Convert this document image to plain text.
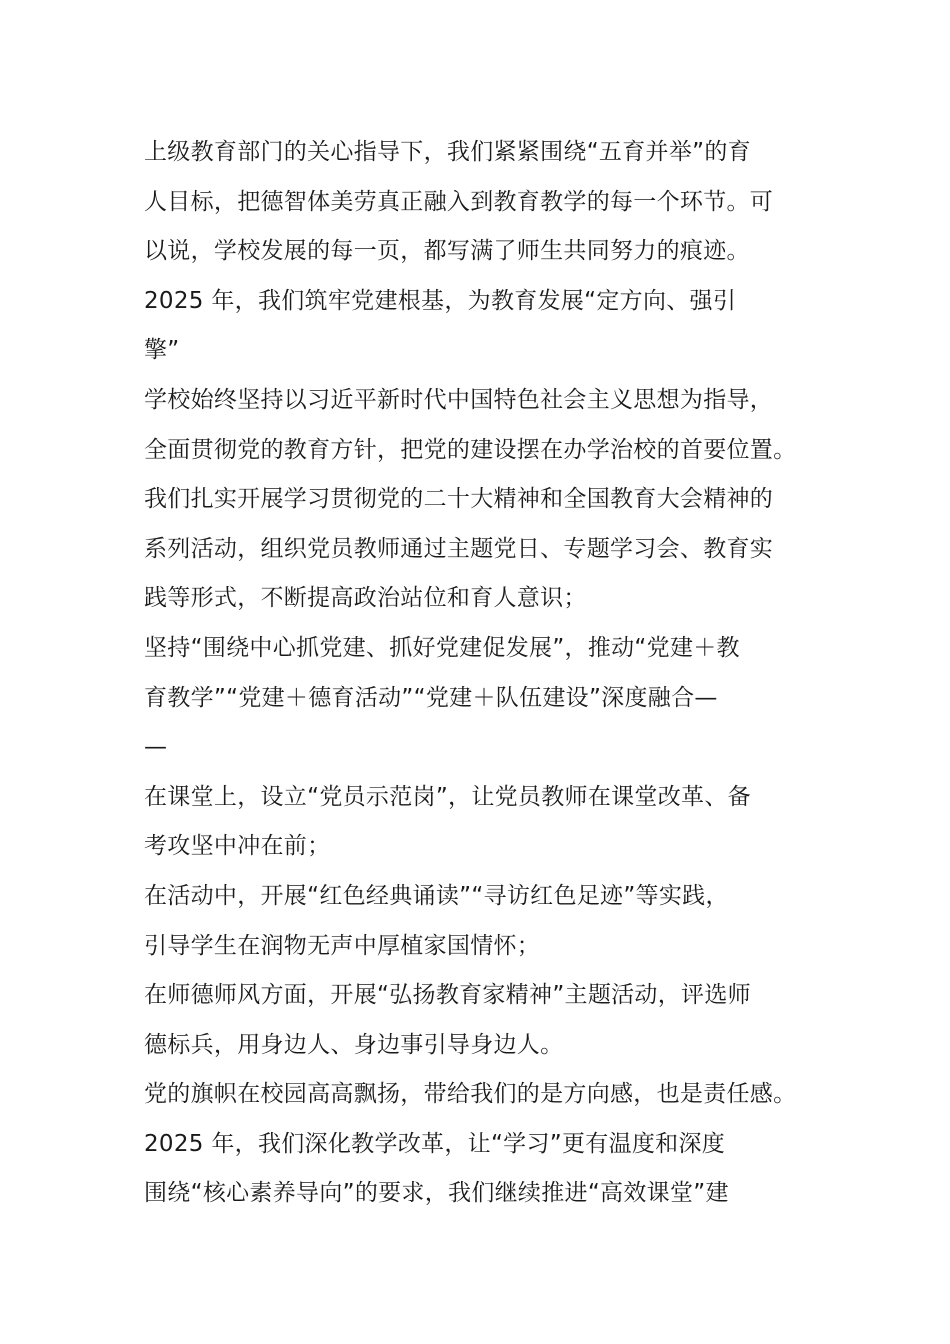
上级教育部门的关心指导下，我们紧紧围绕“五育并举”的育
人目标，把德智体美劳真正融入到教育教学的每一个环节。可
以说，学校发展的每一页，都写满了师生共同努力的痕迹。
2025 年，我们筑牢党建根基，为教育发展“定方向、强引
擎”
学校始终坚持以习近平新时代中国特色社会主义思想为指导，
全面贯彻党的教育方针，把党的建设摆在办学治校的首要位置。
我们扎实开展学习贯彻党的二十大精神和全国教育大会精神的
系列活动，组织党员教师通过主题党日、专题学习会、教育实
践等形式，不断提高政治站位和育人意识；
坚持“围绕中心抓党建、抓好党建促发展”，推动“党建＋教
育教学”“党建＋德育活动”“党建＋队伍建设”深度融合—
—
在课堂上，设立“党员示范岗”，让党员教师在课堂改革、备
考攻坚中冲在前；
在活动中，开展“红色经典诵读”“寻访红色足迹”等实践，
引导学生在润物无声中厚植家国情怀；
在师德师风方面，开展“弘扬教育家精神”主题活动，评选师
德标兵，用身边人、身边事引导身边人。
党的旗帜在校园高高飘扬，带给我们的是方向感，也是责任感。
2025 年，我们深化教学改革，让“学习”更有温度和深度
围绕“核心素养导向”的要求，我们继续推进“高效课堂”建
